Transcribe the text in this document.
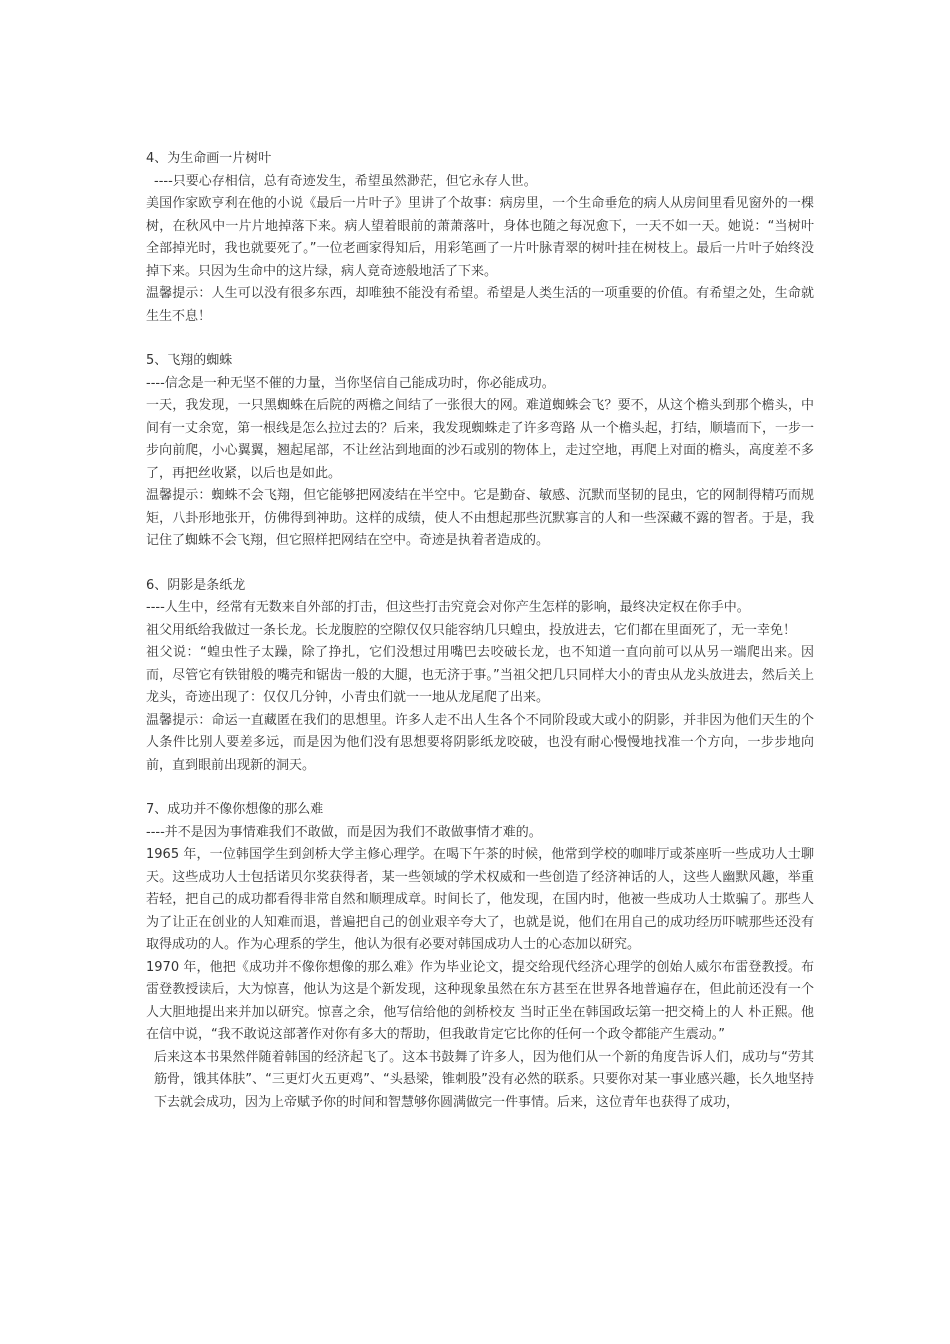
4、为生命画一片树叶

----只要心存相信，总有奇迹发生，希望虽然渺茫，但它永存人世。

美国作家欧亨利在他的小说《最后一片叶子》里讲了个故事：病房里，一个生命垂危的病人从房间里看见窗外的一棵树，在秋风中一片片地掉落下来。病人望着眼前的萧萧落叶，身体也随之每况愈下，一天不如一天。她说：“当树叶全部掉光时，我也就要死了。”一位老画家得知后，用彩笔画了一片叶脉青翠的树叶挂在树枝上。最后一片叶子始终没掉下来。只因为生命中的这片绿，病人竟奇迹般地活了下来。

温馨提示：人生可以没有很多东西，却唯独不能没有希望。希望是人类生活的一项重要的价值。有希望之处，生命就生生不息！

5、飞翔的蜘蛛

----信念是一种无坚不催的力量，当你坚信自己能成功时，你必能成功。

一天，我发现，一只黑蜘蛛在后院的两檐之间结了一张很大的网。难道蜘蛛会飞？要不，从这个檐头到那个檐头，中间有一丈余宽，第一根线是怎么拉过去的？后来，我发现蜘蛛走了许多弯路 从一个檐头起，打结，顺墙而下，一步一步向前爬，小心翼翼，翘起尾部，不让丝沾到地面的沙石或别的物体上，走过空地，再爬上对面的檐头，高度差不多了，再把丝收紧，以后也是如此。

温馨提示：蜘蛛不会飞翔，但它能够把网凌结在半空中。它是勤奋、敏感、沉默而坚韧的昆虫，它的网制得精巧而规矩，八卦形地张开，仿佛得到神助。这样的成绩，使人不由想起那些沉默寡言的人和一些深藏不露的智者。于是，我记住了蜘蛛不会飞翔，但它照样把网结在空中。奇迹是执着者造成的。

6、阴影是条纸龙

----人生中，经常有无数来自外部的打击，但这些打击究竟会对你产生怎样的影响，最终决定权在你手中。

祖父用纸给我做过一条长龙。长龙腹腔的空隙仅仅只能容纳几只蝗虫，投放进去，它们都在里面死了，无一幸免！

祖父说：“蝗虫性子太躁，除了挣扎，它们没想过用嘴巴去咬破长龙，也不知道一直向前可以从另一端爬出来。因而，尽管它有铁钳般的嘴壳和锯齿一般的大腿，也无济于事。”当祖父把几只同样大小的青虫从龙头放进去，然后关上龙头，奇迹出现了：仅仅几分钟，小青虫们就一一地从龙尾爬了出来。

温馨提示：命运一直藏匿在我们的思想里。许多人走不出人生各个不同阶段或大或小的阴影，并非因为他们天生的个人条件比别人要差多远，而是因为他们没有思想要将阴影纸龙咬破，也没有耐心慢慢地找准一个方向，一步步地向前，直到眼前出现新的洞天。

7、成功并不像你想像的那么难

----并不是因为事情难我们不敢做，而是因为我们不敢做事情才难的。

1965 年，一位韩国学生到剑桥大学主修心理学。在喝下午茶的时候，他常到学校的咖啡厅或茶座听一些成功人士聊天。这些成功人士包括诺贝尔奖获得者，某一些领域的学术权威和一些创造了经济神话的人，这些人幽默风趣，举重若轻，把自己的成功都看得非常自然和顺理成章。时间长了，他发现，在国内时，他被一些成功人士欺骗了。那些人为了让正在创业的人知难而退，普遍把自己的创业艰辛夸大了，也就是说，他们在用自己的成功经历吓唬那些还没有取得成功的人。作为心理系的学生，他认为很有必要对韩国成功人士的心态加以研究。

1970 年，他把《成功并不像你想像的那么难》作为毕业论文，提交给现代经济心理学的创始人威尔布雷登教授。布雷登教授读后，大为惊喜，他认为这是个新发现，这种现象虽然在东方甚至在世界各地普遍存在，但此前还没有一个人大胆地提出来并加以研究。惊喜之余，他写信给他的剑桥校友 当时正坐在韩国政坛第一把交椅上的人 朴正熙。他在信中说，“我不敢说这部著作对你有多大的帮助，但我敢肯定它比你的任何一个政令都能产生震动。”

后来这本书果然伴随着韩国的经济起飞了。这本书鼓舞了许多人，因为他们从一个新的角度告诉人们，成功与“劳其筋骨，饿其体肤”、“三更灯火五更鸡”、“头悬梁，锥刺股”没有必然的联系。只要你对某一事业感兴趣，长久地坚持下去就会成功，因为上帝赋予你的时间和智慧够你圆满做完一件事情。后来，这位青年也获得了成功，
